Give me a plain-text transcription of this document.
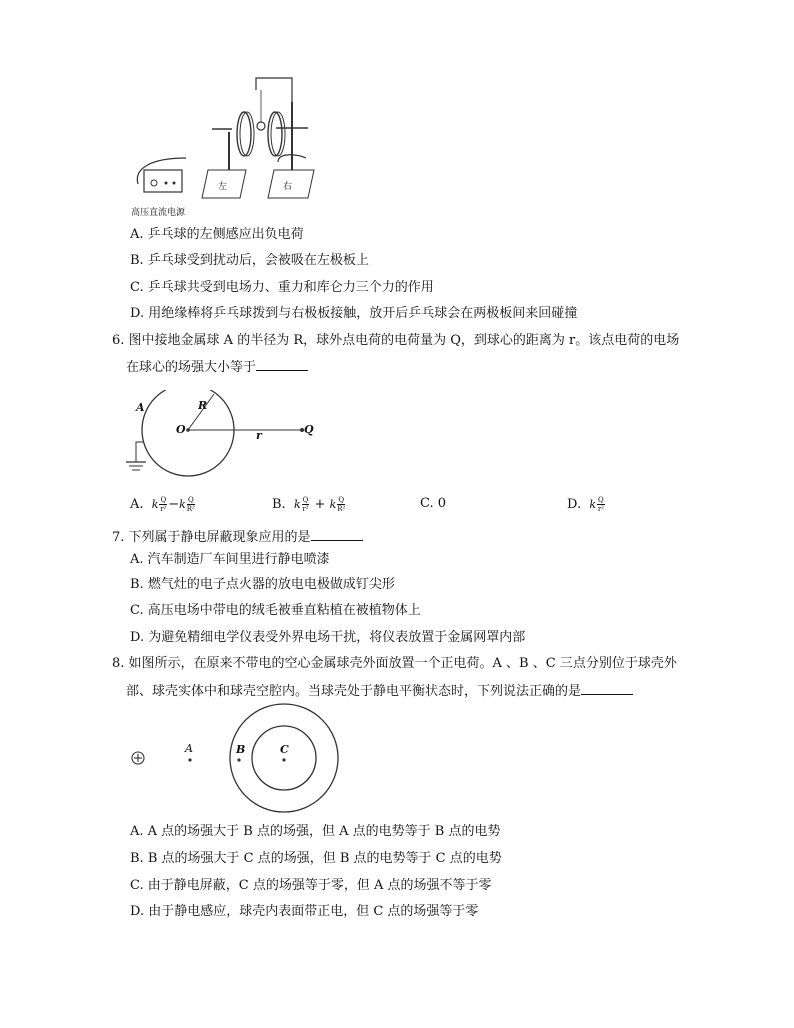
左	右
高压直流电源
A. 乒乓球的左侧感应出负电荷
B. 乒乓球受到扰动后，会被吸在左极板上
C. 乒乓球共受到电场力、重力和库仑力三个力的作用
D. 用绝缘棒将乒乓球拨到与右极板接触，放开后乒乓球会在两极板间来回碰撞
6. 图中接地金属球 A 的半径为 R，球外点电荷的电荷量为 Q，到球心的距离为 r。该点电荷的电场
在球心的场强大小等于
A	R
O	r	Q
A. k $\frac{Q}{\text{r²}} -k \frac{Q}{\text{R²}}$	B. k $\frac{Q}{\text{r²}} + k \frac{Q}{\text{R²}}$	C. 0	D. k $\frac{Q}{\text{r²}}$
7. 下列属于静电屏蔽现象应用的是
A. 汽车制造厂车间里进行静电喷漆
B. 燃气灶的电子点火器的放电电极做成钉尖形
C. 高压电场中带电的绒毛被垂直粘植在被植物体上
D. 为避免精细电学仪表受外界电场干扰，将仪表放置于金属网罩内部
8. 如图所示，在原来不带电的空心金属球壳外面放置一个正电荷。A 、B 、C 三点分别位于球壳外
部、球壳实体中和球壳空腔内。当球壳处于静电平衡状态时，下列说法正确的是
A	B	C
A. A 点的场强大于 B 点的场强，但 A 点的电势等于 B 点的电势
B. B 点的场强大于 C 点的场强，但 B 点的电势等于 C 点的电势
C. 由于静电屏蔽，C 点的场强等于零，但 A 点的场强不等于零
D. 由于静电感应，球壳内表面带正电，但 C 点的场强等于零
